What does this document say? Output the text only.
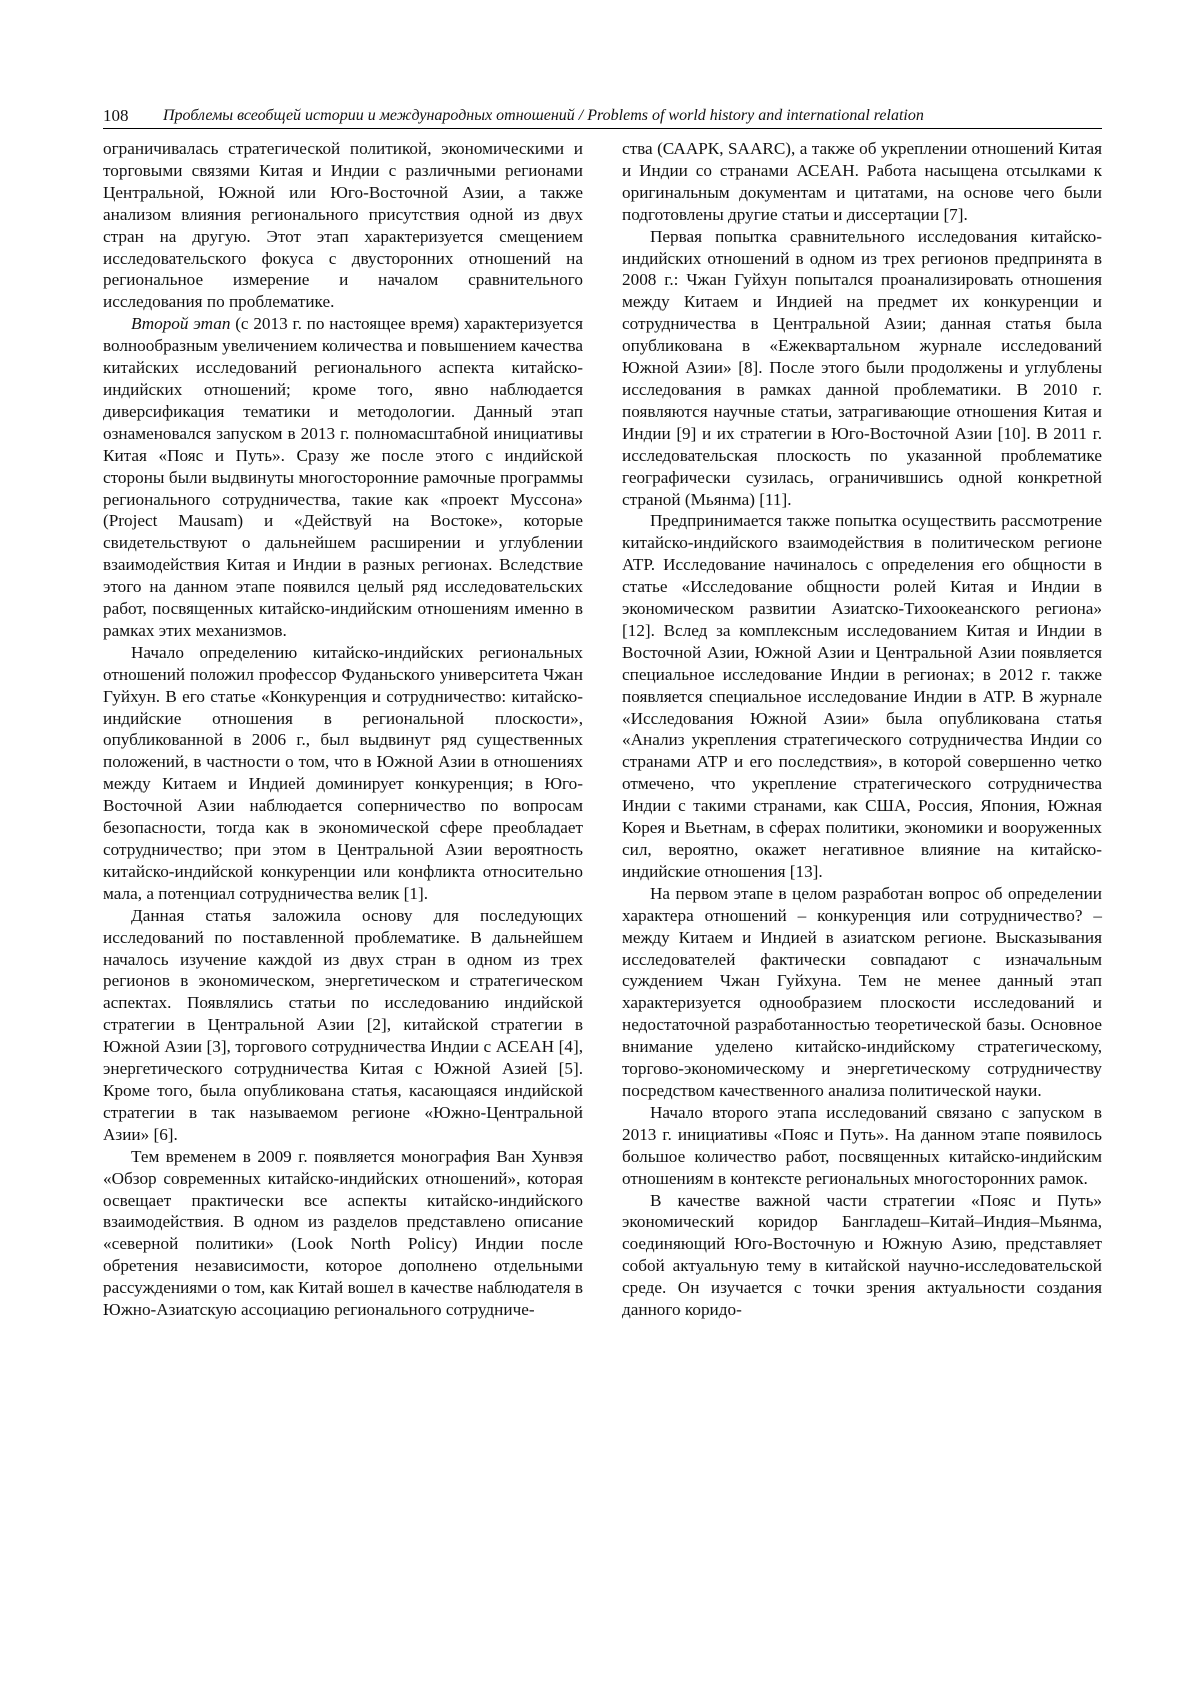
108 Проблемы всеобщей истории и международных отношений / Problems of world history and international relation

ограничивалась стратегической политикой, экономическими и торговыми связями Китая и Индии с различными регионами Центральной, Южной или Юго-Восточной Азии, а также анализом влияния регионального присутствия одной из двух стран на другую. Этот этап характеризуется смещением исследовательского фокуса с двусторонних отношений на региональное измерение и началом сравнительного исследования по проблематике.

Второй этап (с 2013 г. по настоящее время) характеризуется волнообразным увеличением количества и повышением качества китайских исследований регионального аспекта китайско-индийских отношений; кроме того, явно наблюдается диверсификация тематики и методологии. Данный этап ознаменовался запуском в 2013 г. полномасштабной инициативы Китая «Пояс и Путь». Сразу же после этого с индийской стороны были выдвинуты многосторонние рамочные программы регионального сотрудничества, такие как «проект Муссона» (Project Mausam) и «Действуй на Востоке», которые свидетельствуют о дальнейшем расширении и углублении взаимодействия Китая и Индии в разных регионах. Вследствие этого на данном этапе появился целый ряд исследовательских работ, посвященных китайско-индийским отношениям именно в рамках этих механизмов.

Начало определению китайско-индийских региональных отношений положил профессор Фуданьского университета Чжан Гуйхун. В его статье «Конкуренция и сотрудничество: китайско-индийские отношения в региональной плоскости», опубликованной в 2006 г., был выдвинут ряд существенных положений, в частности о том, что в Южной Азии в отношениях между Китаем и Индией доминирует конкуренция; в Юго-Восточной Азии наблюдается соперничество по вопросам безопасности, тогда как в экономической сфере преобладает сотрудничество; при этом в Центральной Азии вероятность китайско-индийской конкуренции или конфликта относительно мала, а потенциал сотрудничества велик [1].

Данная статья заложила основу для последующих исследований по поставленной проблематике. В дальнейшем началось изучение каждой из двух стран в одном из трех регионов в экономическом, энергетическом и стратегическом аспектах. Появлялись статьи по исследованию индийской стратегии в Центральной Азии [2], китайской стратегии в Южной Азии [3], торгового сотрудничества Индии с АСЕАН [4], энергетического сотрудничества Китая с Южной Азией [5]. Кроме того, была опубликована статья, касающаяся индийской стратегии в так называемом регионе «Южно-Центральной Азии» [6].

Тем временем в 2009 г. появляется монография Ван Хунвэя «Обзор современных китайско-индийских отношений», которая освещает практически все аспекты китайско-индийского взаимодействия. В одном из разделов представлено описание «северной политики» (Look North Policy) Индии после обретения независимости, которое дополнено отдельными рассуждениями о том, как Китай вошел в качестве наблюдателя в Южно-Азиатскую ассоциацию регионального сотрудниче-

ства (СААРК, SAARC), а также об укреплении отношений Китая и Индии со странами АСЕАН. Работа насыщена отсылками к оригинальным документам и цитатами, на основе чего были подготовлены другие статьи и диссертации [7].

Первая попытка сравнительного исследования китайско-индийских отношений в одном из трех регионов предпринята в 2008 г.: Чжан Гуйхун попытался проанализировать отношения между Китаем и Индией на предмет их конкуренции и сотрудничества в Центральной Азии; данная статья была опубликована в «Ежеквартальном журнале исследований Южной Азии» [8]. После этого были продолжены и углублены исследования в рамках данной проблематики. В 2010 г. появляются научные статьи, затрагивающие отношения Китая и Индии [9] и их стратегии в Юго-Восточной Азии [10]. В 2011 г. исследовательская плоскость по указанной проблематике географически сузилась, ограничившись одной конкретной страной (Мьянма) [11].

Предпринимается также попытка осуществить рассмотрение китайско-индийского взаимодействия в политическом регионе АТР. Исследование начиналось с определения его общности в статье «Исследование общности ролей Китая и Индии в экономическом развитии Азиатско-Тихоокеанского региона» [12]. Вслед за комплексным исследованием Китая и Индии в Восточной Азии, Южной Азии и Центральной Азии появляется специальное исследование Индии в регионах; в 2012 г. также появляется специальное исследование Индии в АТР. В журнале «Исследования Южной Азии» была опубликована статья «Анализ укрепления стратегического сотрудничества Индии со странами АТР и его последствия», в которой совершенно четко отмечено, что укрепление стратегического сотрудничества Индии с такими странами, как США, Россия, Япония, Южная Корея и Вьетнам, в сферах политики, экономики и вооруженных сил, вероятно, окажет негативное влияние на китайско-индийские отношения [13].

На первом этапе в целом разработан вопрос об определении характера отношений – конкуренция или сотрудничество? – между Китаем и Индией в азиатском регионе. Высказывания исследователей фактически совпадают с изначальным суждением Чжан Гуйхуна. Тем не менее данный этап характеризуется однообразием плоскости исследований и недостаточной разработанностью теоретической базы. Основное внимание уделено китайско-индийскому стратегическому, торгово-экономическому и энергетическому сотрудничеству посредством качественного анализа политической науки.

Начало второго этапа исследований связано с запуском в 2013 г. инициативы «Пояс и Путь». На данном этапе появилось большое количество работ, посвященных китайско-индийским отношениям в контексте региональных многосторонних рамок.

В качестве важной части стратегии «Пояс и Путь» экономический коридор Бангладеш–Китай–Индия–Мьянма, соединяющий Юго-Восточную и Южную Азию, представляет собой актуальную тему в китайской научно-исследовательской среде. Он изучается с точки зрения актуальности создания данного коридо-
